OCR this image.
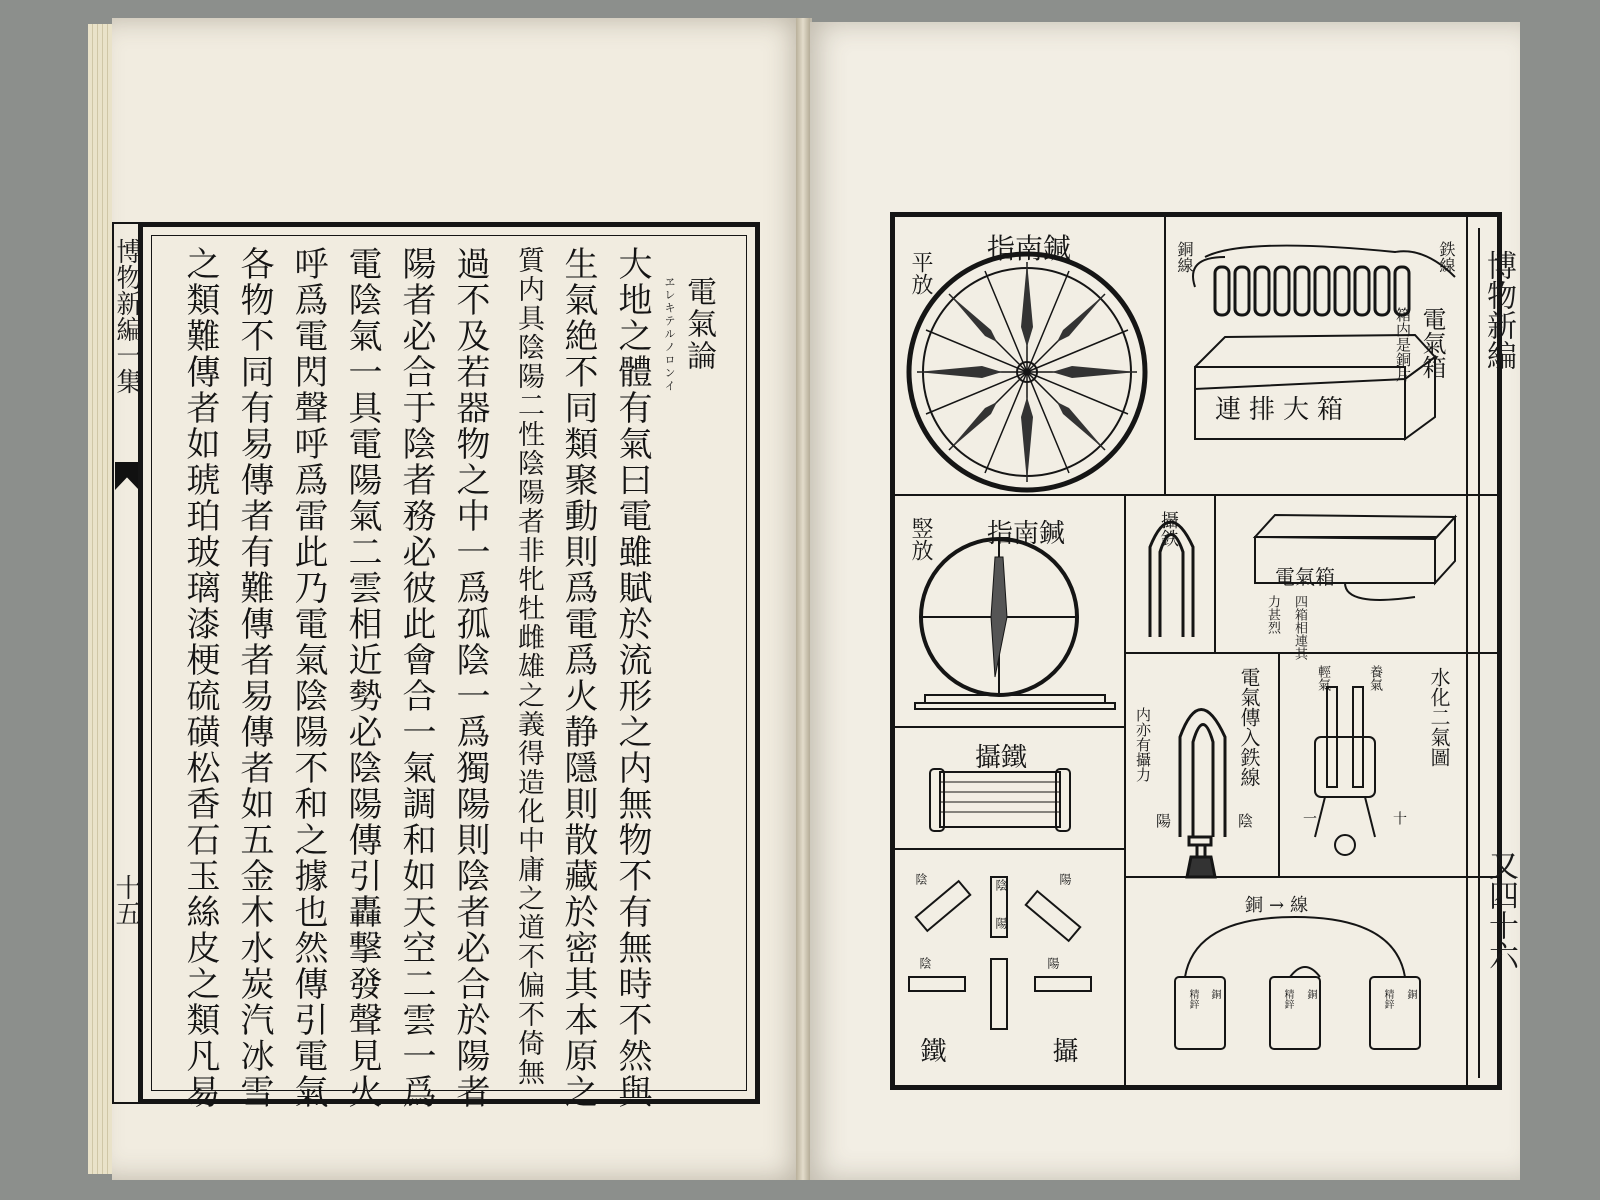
博物新編一集
十五
電氣論
ヱレキテルノロンイ
大地之體有氣曰電雖賦於流形之内無物不有無時不然與
生氣絶不同類聚動則爲電爲火静隱則散藏於密其本原之
質内具陰陽二性陰陽者非牝牡雌雄之義得造化中庸之道不偏不倚無
過不及若器物之中一爲孤陰一爲獨陽則陰者必合於陽者
陽者必合于陰者務必彼此會合一氣調和如天空二雲一爲
電陰氣一具電陽氣二雲相近勢必陰陽傳引轟撃發聲見火
呼爲電閃聲呼爲雷此乃電氣陰陽不和之據也然傳引電氣
各物不同有易傳者有難傳者易傳者如五金木水炭汽冰雪
之類難傳者如琥珀玻璃漆梗硫磺松香石玉絲皮之類凡易	指南鍼
平放	銅線	鉄線
電氣箱
箱内是銅片
連排大箱
指南鍼
竪放	攝鉄
電氣箱
四箱相連其
力甚烈
攝鐵	電氣傳入鉄線
内亦有攝力
陽	陰
水化二氣圖
輕氣	養氣
一	十
鐵	攝
陰
陽
陰	陽
陰	陽
銅→線
精鋅 銅	精鋅 銅	精鋅 銅
博物新編
又四十六
